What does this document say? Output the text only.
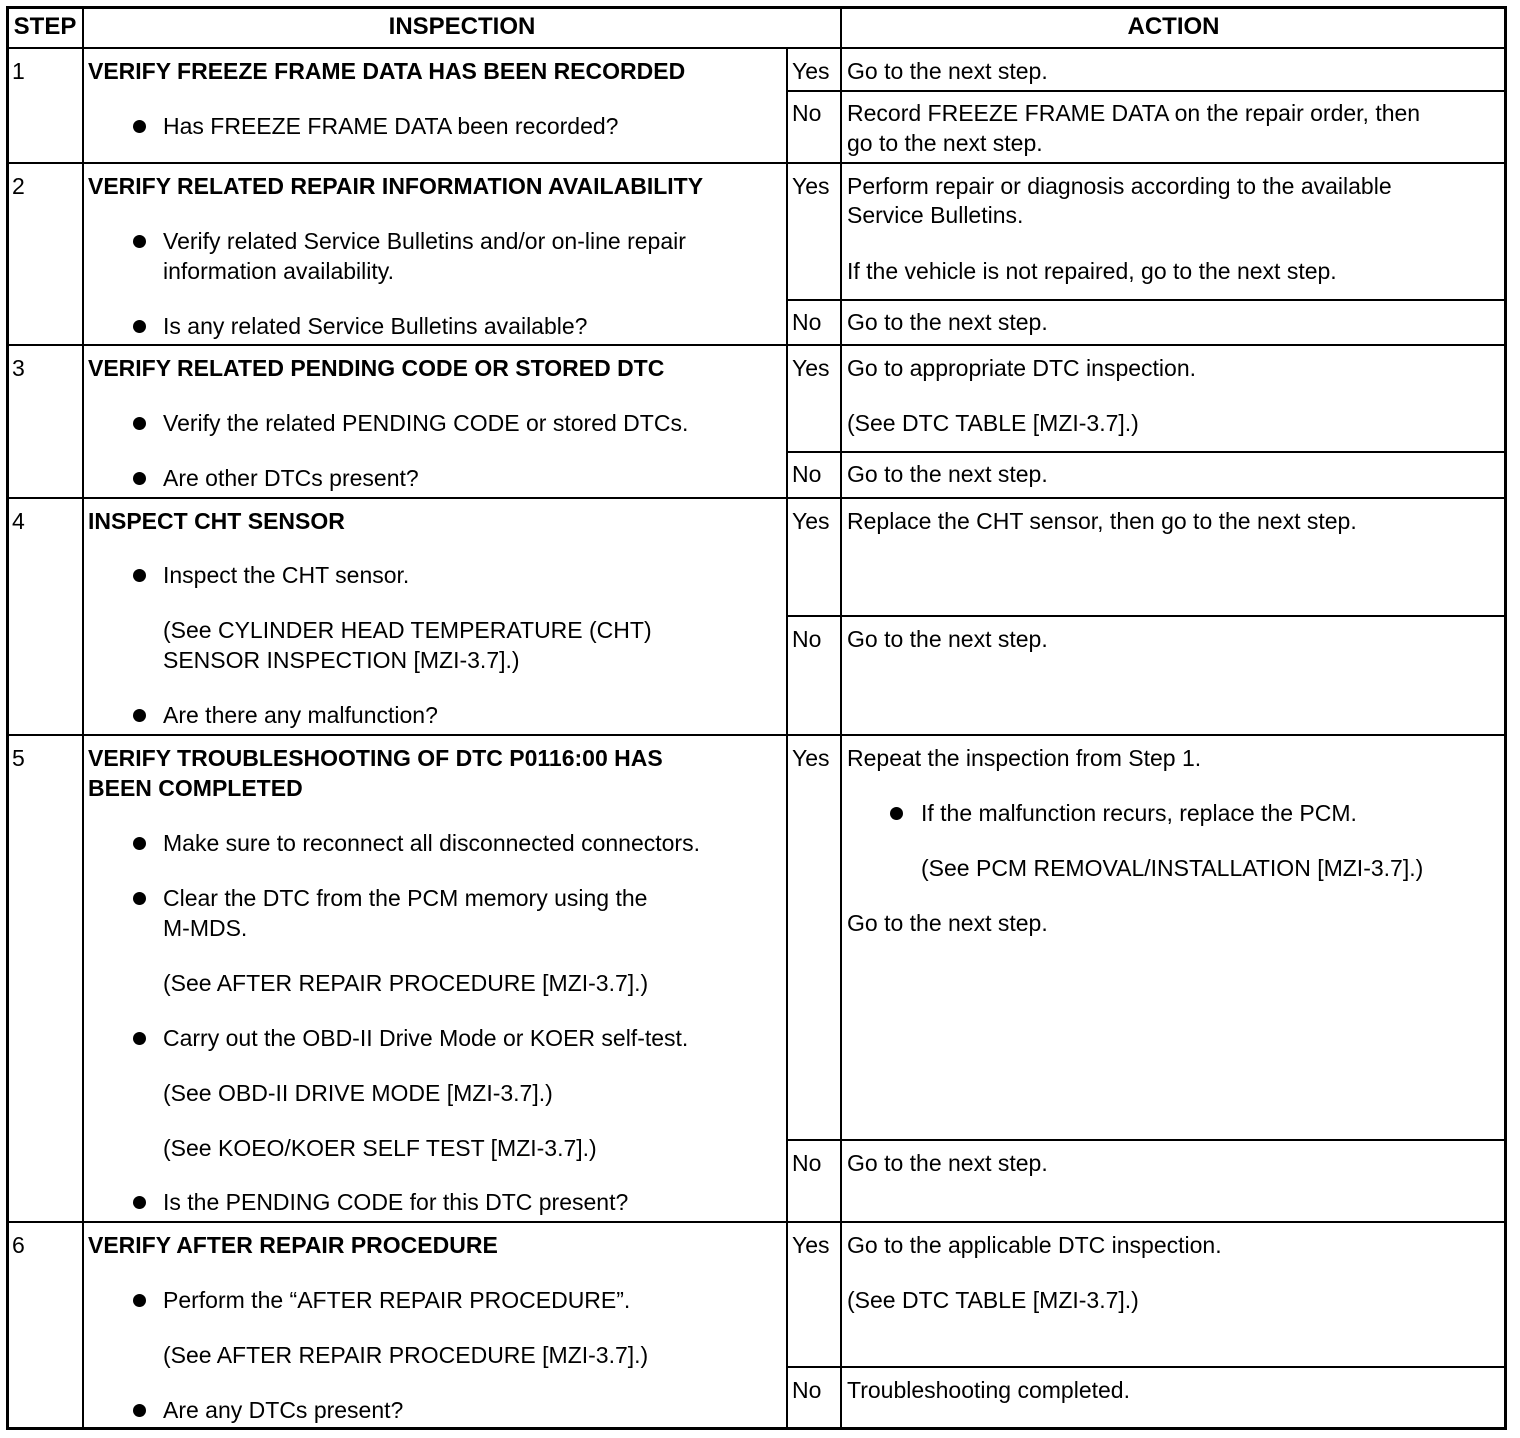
STEP	INSPECTION	ACTION
1	VERIFY FREEZE FRAME DATA HAS BEEN RECORDED
Has FREEZE FRAME DATA been recorded?
Yes Go to the next step.
No Record FREEZE FRAME DATA on the repair order, then
go to the next step.
2	VERIFY RELATED REPAIR INFORMATION AVAILABILITY
Verify related Service Bulletins and/or on-line repair
information availability.
Is any related Service Bulletins available?
Yes Perform repair or diagnosis according to the available
Service Bulletins.
If the vehicle is not repaired, go to the next step.
No Go to the next step.
3	VERIFY RELATED PENDING CODE OR STORED DTC
Verify the related PENDING CODE or stored DTCs.
Are other DTCs present?
Yes Go to appropriate DTC inspection.
(See DTC TABLE [MZI-3.7].)
No Go to the next step.
4	INSPECT CHT SENSOR
Inspect the CHT sensor.
(See CYLINDER HEAD TEMPERATURE (CHT)
SENSOR INSPECTION [MZI-3.7].)
Are there any malfunction?
Yes Replace the CHT sensor, then go to the next step.
No Go to the next step.
5	VERIFY TROUBLESHOOTING OF DTC P0116:00 HAS
BEEN COMPLETED
Make sure to reconnect all disconnected connectors.
Clear the DTC from the PCM memory using the
M-MDS.
(See AFTER REPAIR PROCEDURE [MZI-3.7].)
Carry out the OBD-II Drive Mode or KOER self-test.
(See OBD-II DRIVE MODE [MZI-3.7].)
(See KOEO/KOER SELF TEST [MZI-3.7].)
Is the PENDING CODE for this DTC present?
Yes Repeat the inspection from Step 1.
If the malfunction recurs, replace the PCM.
(See PCM REMOVAL/INSTALLATION [MZI-3.7].)
Go to the next step.
No Go to the next step.
6	VERIFY AFTER REPAIR PROCEDURE
Perform the “AFTER REPAIR PROCEDURE”.
(See AFTER REPAIR PROCEDURE [MZI-3.7].)
Are any DTCs present?
Yes Go to the applicable DTC inspection.
(See DTC TABLE [MZI-3.7].)
No Troubleshooting completed.
